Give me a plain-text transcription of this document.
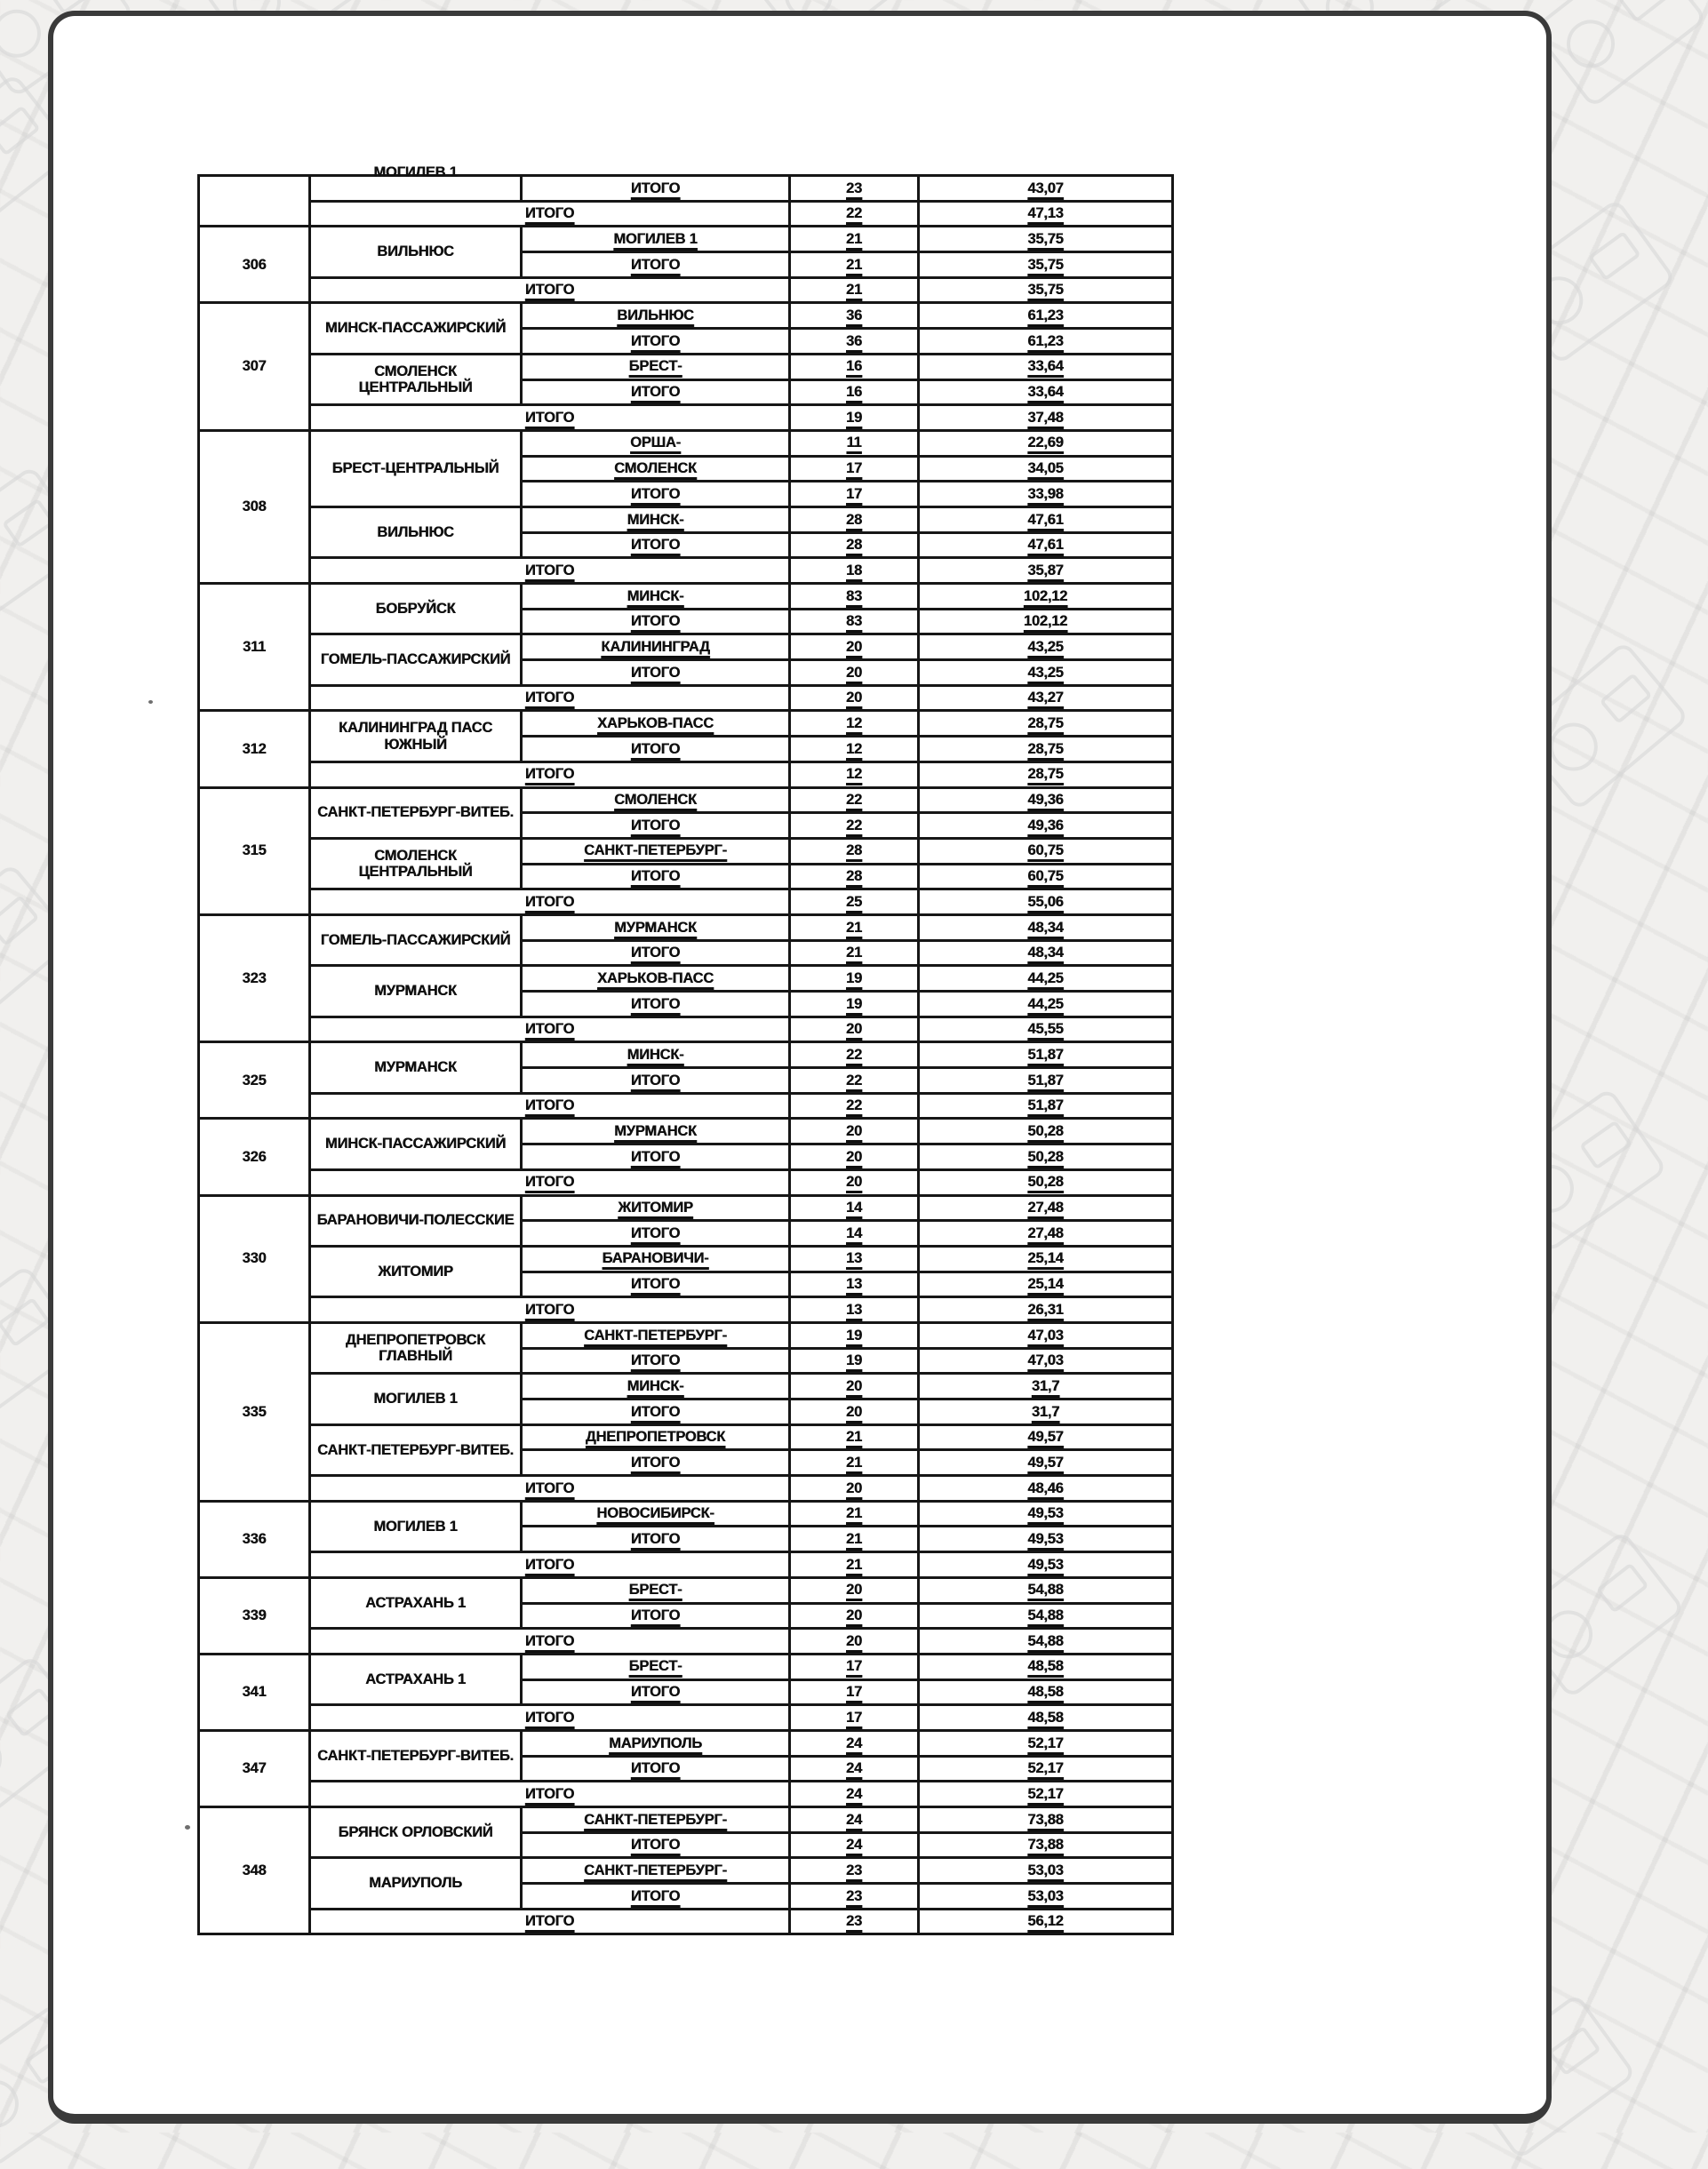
	МОГИЛЕВ 1	ИТОГО	23	43,07
	ИТОГО		22	47,13
306	ВИЛЬНЮС	МОГИЛЕВ 1	21	35,75
		ИТОГО	21	35,75
	ИТОГО		21	35,75
307	МИНСК-ПАССАЖИРСКИЙ	ВИЛЬНЮС	36	61,23
		ИТОГО	36	61,23
	СМОЛЕНСК ЦЕНТРАЛЬНЫЙ	БРЕСТ-	16	33,64
		ИТОГО	16	33,64
	ИТОГО		19	37,48
308	БРЕСТ-ЦЕНТРАЛЬНЫЙ	ОРША-	11	22,69
		СМОЛЕНСК	17	34,05
		ИТОГО	17	33,98
	ВИЛЬНЮС	МИНСК-	28	47,61
		ИТОГО	28	47,61
	ИТОГО		18	35,87
311	БОБРУЙСК	МИНСК-	83	102,12
		ИТОГО	83	102,12
	ГОМЕЛЬ-ПАССАЖИРСКИЙ	КАЛИНИНГРАД	20	43,25
		ИТОГО	20	43,25
	ИТОГО		20	43,27
312	КАЛИНИНГРАД ПАСС ЮЖНЫЙ	ХАРЬКОВ-ПАСС	12	28,75
		ИТОГО	12	28,75
	ИТОГО		12	28,75
315	САНКТ-ПЕТЕРБУРГ-ВИТЕБ.	СМОЛЕНСК	22	49,36
		ИТОГО	22	49,36
	СМОЛЕНСК ЦЕНТРАЛЬНЫЙ	САНКТ-ПЕТЕРБУРГ-	28	60,75
		ИТОГО	28	60,75
	ИТОГО		25	55,06
323	ГОМЕЛЬ-ПАССАЖИРСКИЙ	МУРМАНСК	21	48,34
		ИТОГО	21	48,34
	МУРМАНСК	ХАРЬКОВ-ПАСС	19	44,25
		ИТОГО	19	44,25
	ИТОГО		20	45,55
325	МУРМАНСК	МИНСК-	22	51,87
		ИТОГО	22	51,87
	ИТОГО		22	51,87
326	МИНСК-ПАССАЖИРСКИЙ	МУРМАНСК	20	50,28
		ИТОГО	20	50,28
	ИТОГО		20	50,28
330	БАРАНОВИЧИ-ПОЛЕССКИЕ	ЖИТОМИР	14	27,48
		ИТОГО	14	27,48
	ЖИТОМИР	БАРАНОВИЧИ-	13	25,14
		ИТОГО	13	25,14
	ИТОГО		13	26,31
335	ДНЕПРОПЕТРОВСК ГЛАВНЫЙ	САНКТ-ПЕТЕРБУРГ-	19	47,03
		ИТОГО	19	47,03
	МОГИЛЕВ 1	МИНСК-	20	31,7
		ИТОГО	20	31,7
	САНКТ-ПЕТЕРБУРГ-ВИТЕБ.	ДНЕПРОПЕТРОВСК	21	49,57
		ИТОГО	21	49,57
	ИТОГО		20	48,46
336	МОГИЛЕВ 1	НОВОСИБИРСК-	21	49,53
		ИТОГО	21	49,53
	ИТОГО		21	49,53
339	АСТРАХАНЬ 1	БРЕСТ-	20	54,88
		ИТОГО	20	54,88
	ИТОГО		20	54,88
341	АСТРАХАНЬ 1	БРЕСТ-	17	48,58
		ИТОГО	17	48,58
	ИТОГО		17	48,58
347	САНКТ-ПЕТЕРБУРГ-ВИТЕБ.	МАРИУПОЛЬ	24	52,17
		ИТОГО	24	52,17
	ИТОГО		24	52,17
348	БРЯНСК ОРЛОВСКИЙ	САНКТ-ПЕТЕРБУРГ-	24	73,88
		ИТОГО	24	73,88
	МАРИУПОЛЬ	САНКТ-ПЕТЕРБУРГ-	23	53,03
		ИТОГО	23	53,03
	ИТОГО		23	56,12
